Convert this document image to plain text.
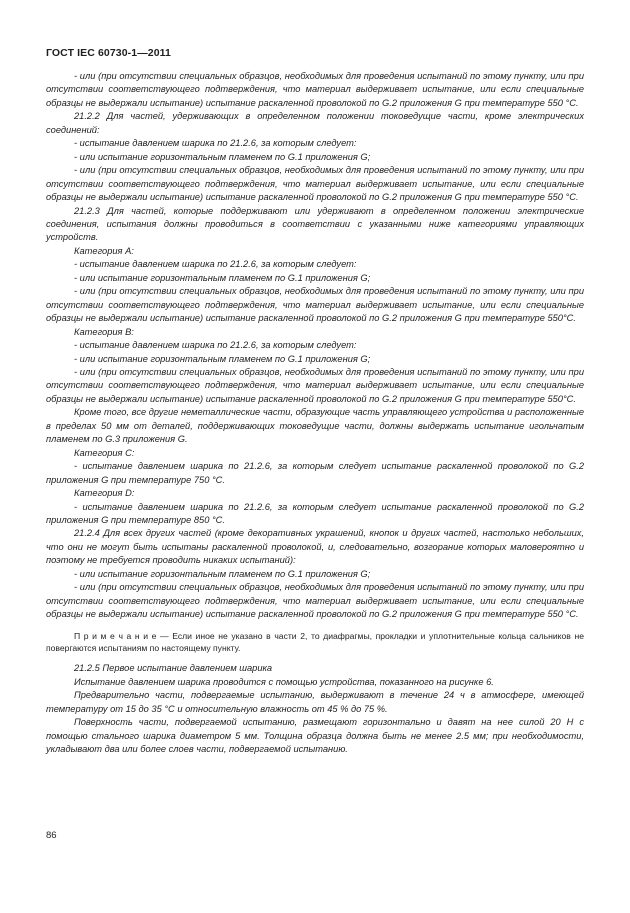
ГОСТ IEC 60730-1—2011

- или (при отсутствии специальных образцов, необходимых для проведения испытаний по этому пункту, или при отсутствии соответствующего подтверждения, что материал выдерживает испытание, или если специальные образцы не выдержали испытание) испытание раскаленной проволокой по G.2 приложения G при температуре 550 °С.

21.2.2 Для частей, удерживающих в определенном положении токоведущие части, кроме электрических соединений:

- испытание давлением шарика по 21.2.6, за которым следует:

- или испытание горизонтальным пламенем по G.1 приложения G;

- или (при отсутствии специальных образцов, необходимых для проведения испытаний по этому пункту, или при отсутствии соответствующего подтверждения, что материал выдерживает испытание, или если специальные образцы не выдержали испытание) испытание раскаленной проволокой по G.2 приложения G при температуре 550 °С.

21.2.3 Для частей, которые поддерживают или удерживают в определенном положении электрические соединения, испытания должны проводиться в соответствии с указанными ниже категориями управляющих устройств.

Категория А:

- испытание давлением шарика по 21.2.6, за которым следует:

- или испытание горизонтальным пламенем по G.1 приложения G;

- или (при отсутствии специальных образцов, необходимых для проведения испытаний по этому пункту, или при отсутствии соответствующего подтверждения, что материал выдерживает испытание, или если специальные образцы не выдержали испытание) испытание раскаленной проволокой по G.2 приложения G при температуре 550°С.

Категория В:

- испытание давлением шарика по 21.2.6, за которым следует:

- или испытание горизонтальным пламенем по G.1 приложения G;

- или (при отсутствии специальных образцов, необходимых для проведения испытаний по этому пункту, или при отсутствии соответствующего подтверждения, что материал выдерживает испытание, или если специальные образцы не выдержали испытание) испытание раскаленной проволокой по G.2 приложения G при температуре 550°С.

Кроме того, все другие неметаллические части, образующие часть управляющего устройства и расположенные в пределах 50 мм от деталей, поддерживающих токоведущие части, должны выдержать испытание игольчатым пламенем по G.3 приложения G.

Категория С:

- испытание давлением шарика по 21.2.6, за которым следует испытание раскаленной проволокой по G.2 приложения G при температуре 750 °С.

Категория D:

- испытание давлением шарика по 21.2.6, за которым следует испытание раскаленной проволокой по G.2 приложения G при температуре 850 °С.

21.2.4 Для всех других частей (кроме декоративных украшений, кнопок и других частей, настолько небольших, что они не могут быть испытаны раскаленной проволокой, и, следовательно, возгорание которых маловероятно и поэтому не требуется проводить никаких испытаний):

- или испытание горизонтальным пламенем по G.1 приложения G;

- или (при отсутствии специальных образцов, необходимых для проведения испытаний по этому пункту, или при отсутствии соответствующего подтверждения, что материал выдерживает испытание, или если специальные образцы не выдержали испытание) испытание раскаленной проволокой по G.2 приложения G при температуре 550 °С.

П р и м е ч а н и е — Если иное не указано в части 2, то диафрагмы, прокладки и уплотнительные кольца сальников не повергаются испытаниям по настоящему пункту.

21.2.5 Первое испытание давлением шарика

Испытание давлением шарика проводится с помощью устройства, показанного на рисунке 6.

Предварительно части, подвергаемые испытанию, выдерживают в течение 24 ч в атмосфере, имеющей температуру от 15 до 35 °С и относительную влажность от 45 % до 75 %.

Поверхность части, подвергаемой испытанию, размещают горизонтально и давят на нее силой 20 Н с помощью стального шарика диаметром 5 мм. Толщина образца должна быть не менее 2.5 мм; при необходимости, укладывают два или более слоев части, подвергаемой испытанию.

86
